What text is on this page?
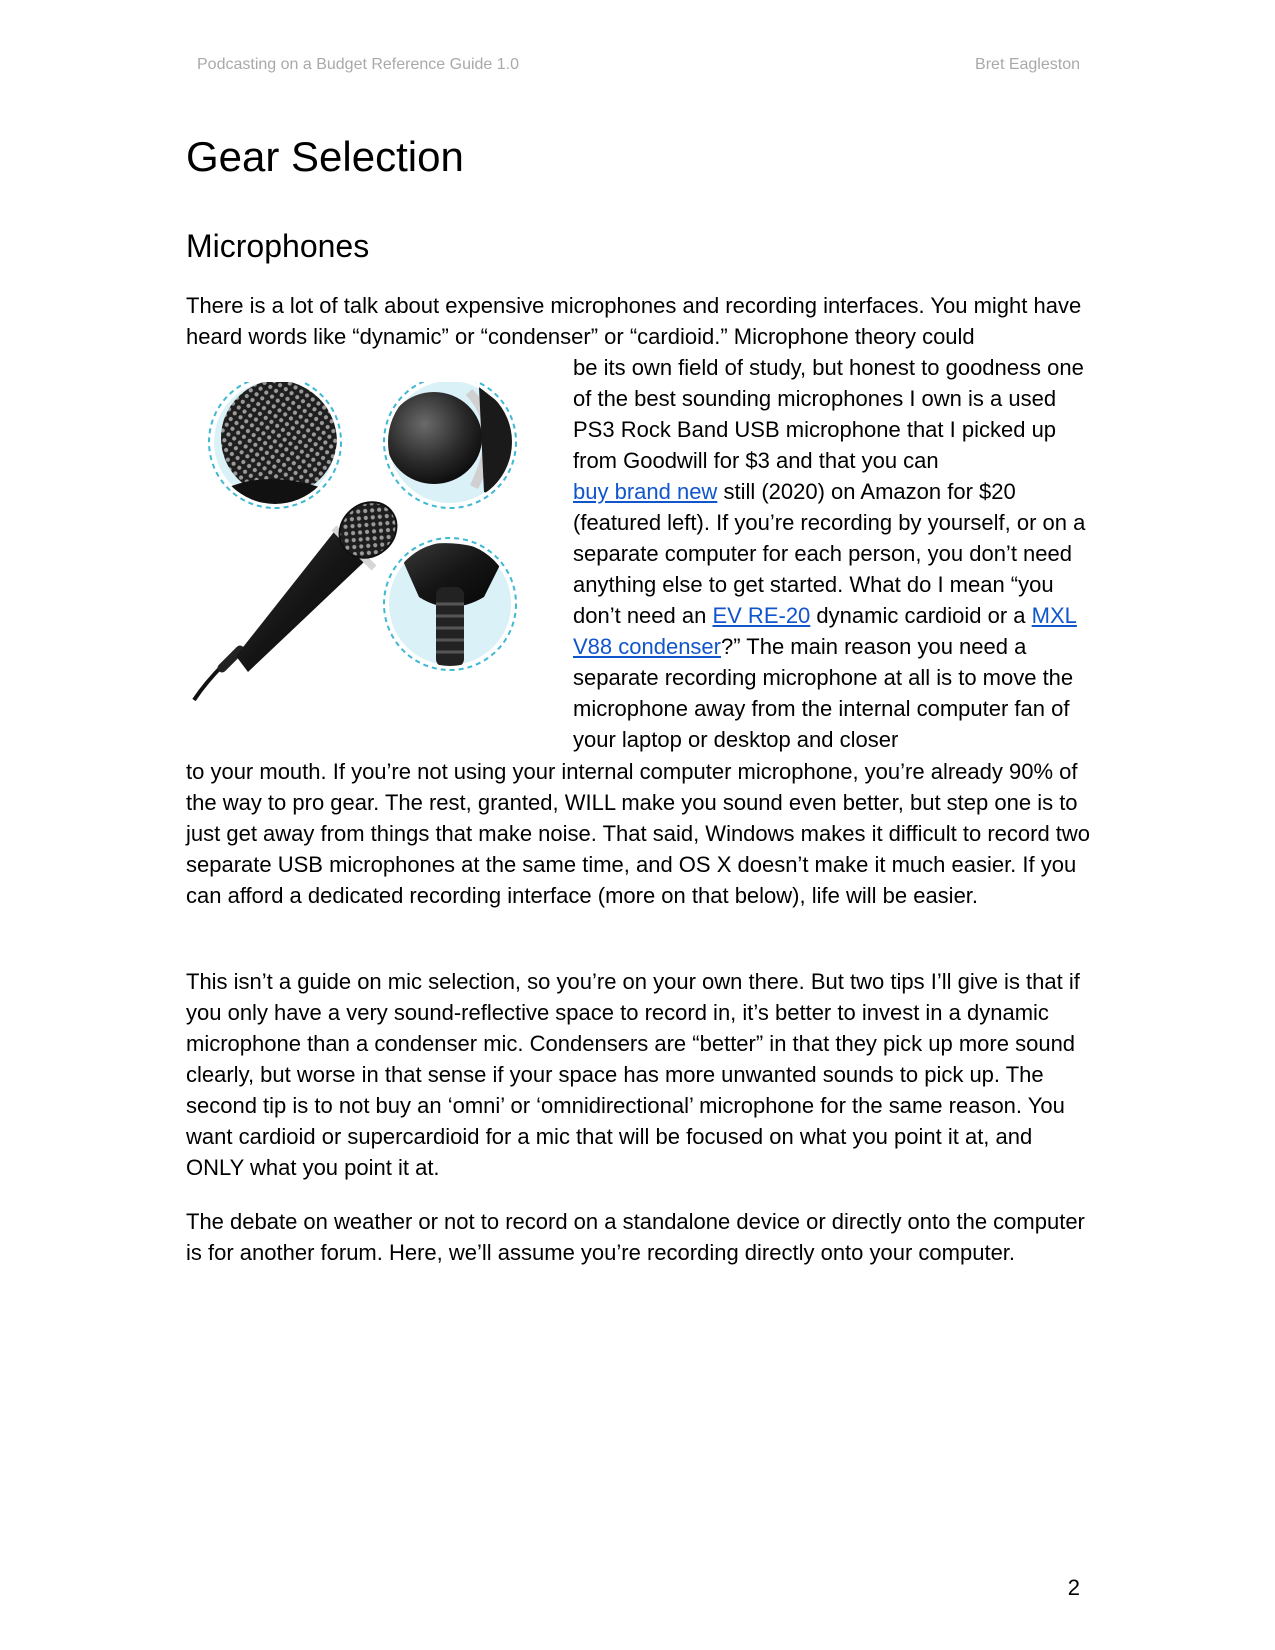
Podcasting on a Budget Reference Guide 1.0	Bret Eagleston
Gear Selection
Microphones

There is a lot of talk about expensive microphones and recording interfaces. You might have heard words like “dynamic” or “condenser” or “cardioid.” Microphone theory could

be its own field of study, but honest to goodness one of the best sounding microphones I own is a used PS3 Rock Band USB microphone that I picked up from Goodwill for $3 and that you can
buy brand new still (2020) on Amazon for $20 (featured left). If you’re recording by yourself, or on a separate computer for each person, you don’t need anything else to get started. What do I mean “you don’t need an EV RE-20 dynamic cardioid or a MXL V88 condenser?” The main reason you need a separate recording microphone at all is to move the microphone away from the internal computer fan of your laptop or desktop and closer

to your mouth. If you’re not using your internal computer microphone, you’re already 90% of the way to pro gear. The rest, granted, WILL make you sound even better, but step one is to just get away from things that make noise. That said, Windows makes it difficult to record two separate USB microphones at the same time, and OS X doesn’t make it much easier. If you can afford a dedicated recording interface (more on that below), life will be easier.

This isn’t a guide on mic selection, so you’re on your own there. But two tips I’ll give is that if you only have a very sound-reflective space to record in, it’s better to invest in a dynamic microphone than a condenser mic. Condensers are “better” in that they pick up more sound clearly, but worse in that sense if your space has more unwanted sounds to pick up. The second tip is to not buy an ‘omni’ or ‘omnidirectional’ microphone for the same reason. You want cardioid or supercardioid for a mic that will be focused on what you point it at, and ONLY what you point it at.

The debate on weather or not to record on a standalone device or directly onto the computer is for another forum. Here, we’ll assume you’re recording directly onto your computer.

2
